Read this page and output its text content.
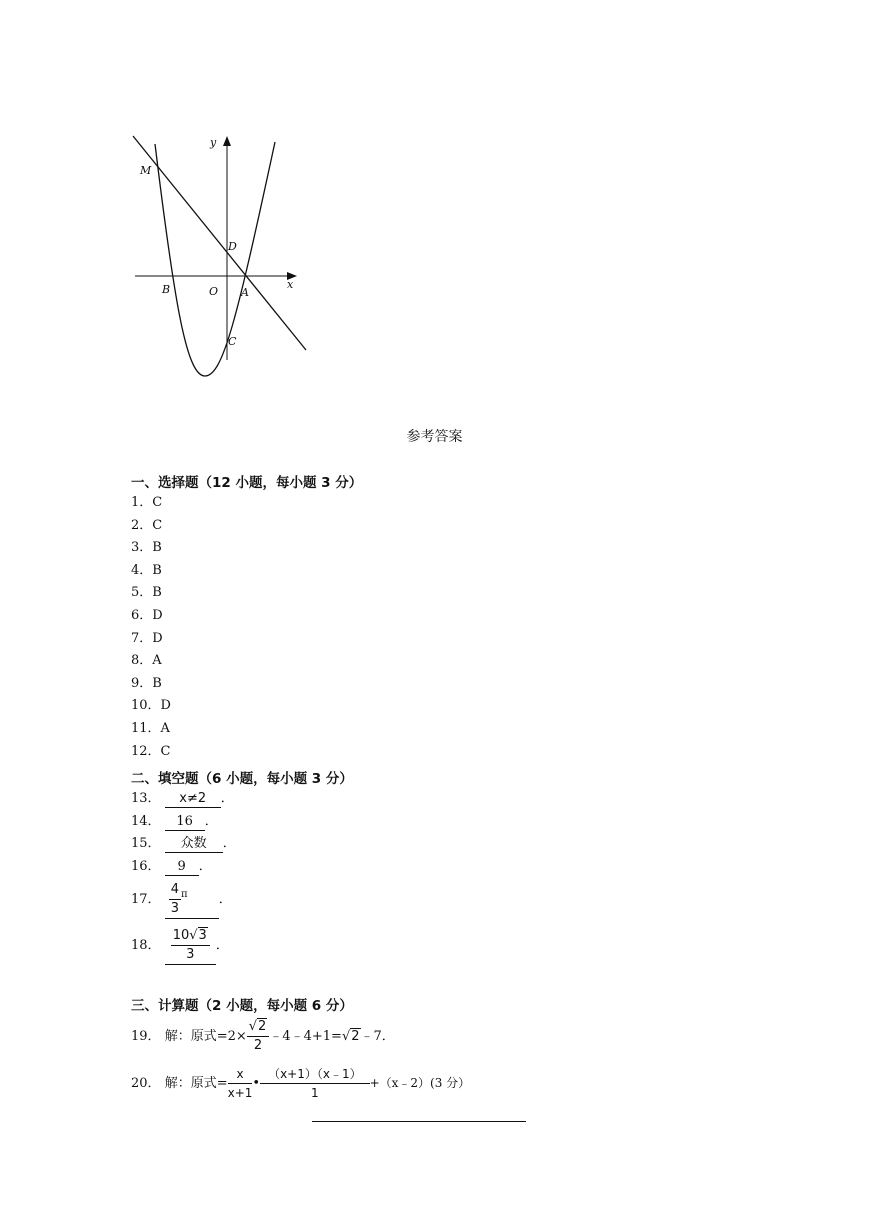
y
x
M
D
B	O A
C
参考答案
一、选择题（12 小题，每小题 3 分）
1．C
2．C
3．B
4．B
5．B
6．D
7．D
8．A
9．B
10．D
11．A
12．C
二、填空题（6 小题，每小题 3 分）
13． x≠2 ．
14． 16 ．
15． 众数 ．
16． 9 ．
17． $\frac{4}{3} ^\pi$ ．
18． $\frac{10√3}{3}$ ．
三、计算题（2 小题，每小题 6 分）
19． 解：原式$=2\times \frac{√2}{2}$ ﹣4﹣4+1=√2﹣7．
20． 解：原式= $\frac{x}{x+1}$ • $\frac{(x+1)(x﹣1)}{1}$ +（x﹣2）(3 分）
